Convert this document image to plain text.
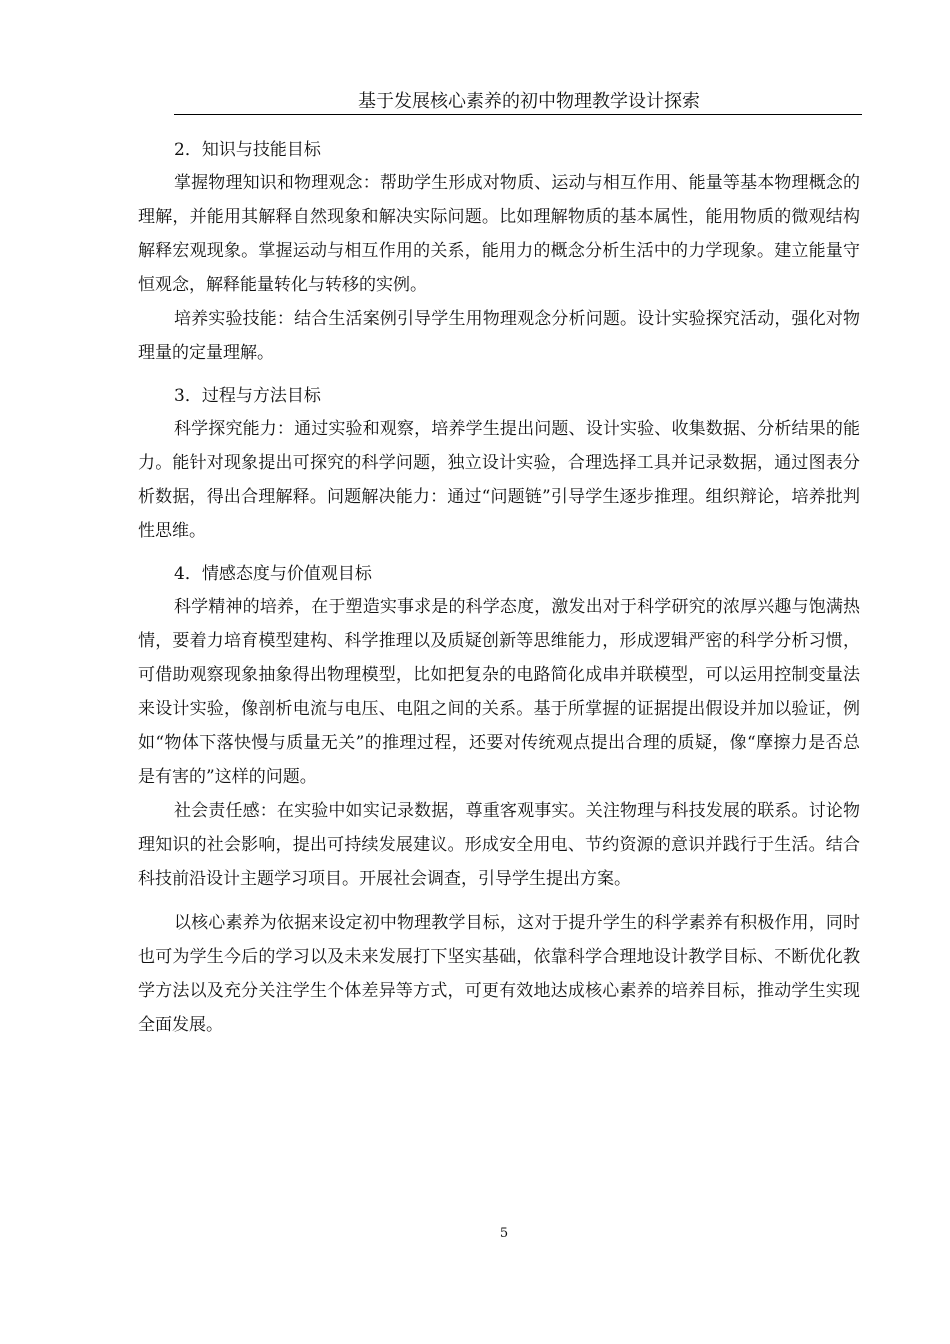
基于发展核心素养的初中物理教学设计探索
2．知识与技能目标

掌握物理知识和物理观念：帮助学生形成对物质、运动与相互作用、能量等基本物理概念的理解，并能用其解释自然现象和解决实际问题。比如理解物质的基本属性，能用物质的微观结构解释宏观现象。掌握运动与相互作用的关系，能用力的概念分析生活中的力学现象。建立能量守恒观念，解释能量转化与转移的实例。

培养实验技能：结合生活案例引导学生用物理观念分析问题。设计实验探究活动，强化对物理量的定量理解。

3．过程与方法目标

科学探究能力：通过实验和观察，培养学生提出问题、设计实验、收集数据、分析结果的能力。能针对现象提出可探究的科学问题，独立设计实验，合理选择工具并记录数据，通过图表分析数据，得出合理解释。问题解决能力：通过“问题链”引导学生逐步推理。组织辩论，培养批判性思维。

4．情感态度与价值观目标

科学精神的培养，在于塑造实事求是的科学态度，激发出对于科学研究的浓厚兴趣与饱满热情，要着力培育模型建构、科学推理以及质疑创新等思维能力，形成逻辑严密的科学分析习惯，可借助观察现象抽象得出物理模型，比如把复杂的电路简化成串并联模型，可以运用控制变量法来设计实验，像剖析电流与电压、电阻之间的关系。基于所掌握的证据提出假设并加以验证，例如“物体下落快慢与质量无关”的推理过程，还要对传统观点提出合理的质疑，像“摩擦力是否总是有害的”这样的问题。

社会责任感：在实验中如实记录数据，尊重客观事实。关注物理与科技发展的联系。讨论物理知识的社会影响，提出可持续发展建议。形成安全用电、节约资源的意识并践行于生活。结合科技前沿设计主题学习项目。开展社会调查，引导学生提出方案。

以核心素养为依据来设定初中物理教学目标，这对于提升学生的科学素养有积极作用，同时也可为学生今后的学习以及未来发展打下坚实基础，依靠科学合理地设计教学目标、不断优化教学方法以及充分关注学生个体差异等方式，可更有效地达成核心素养的培养目标，推动学生实现全面发展。

5
